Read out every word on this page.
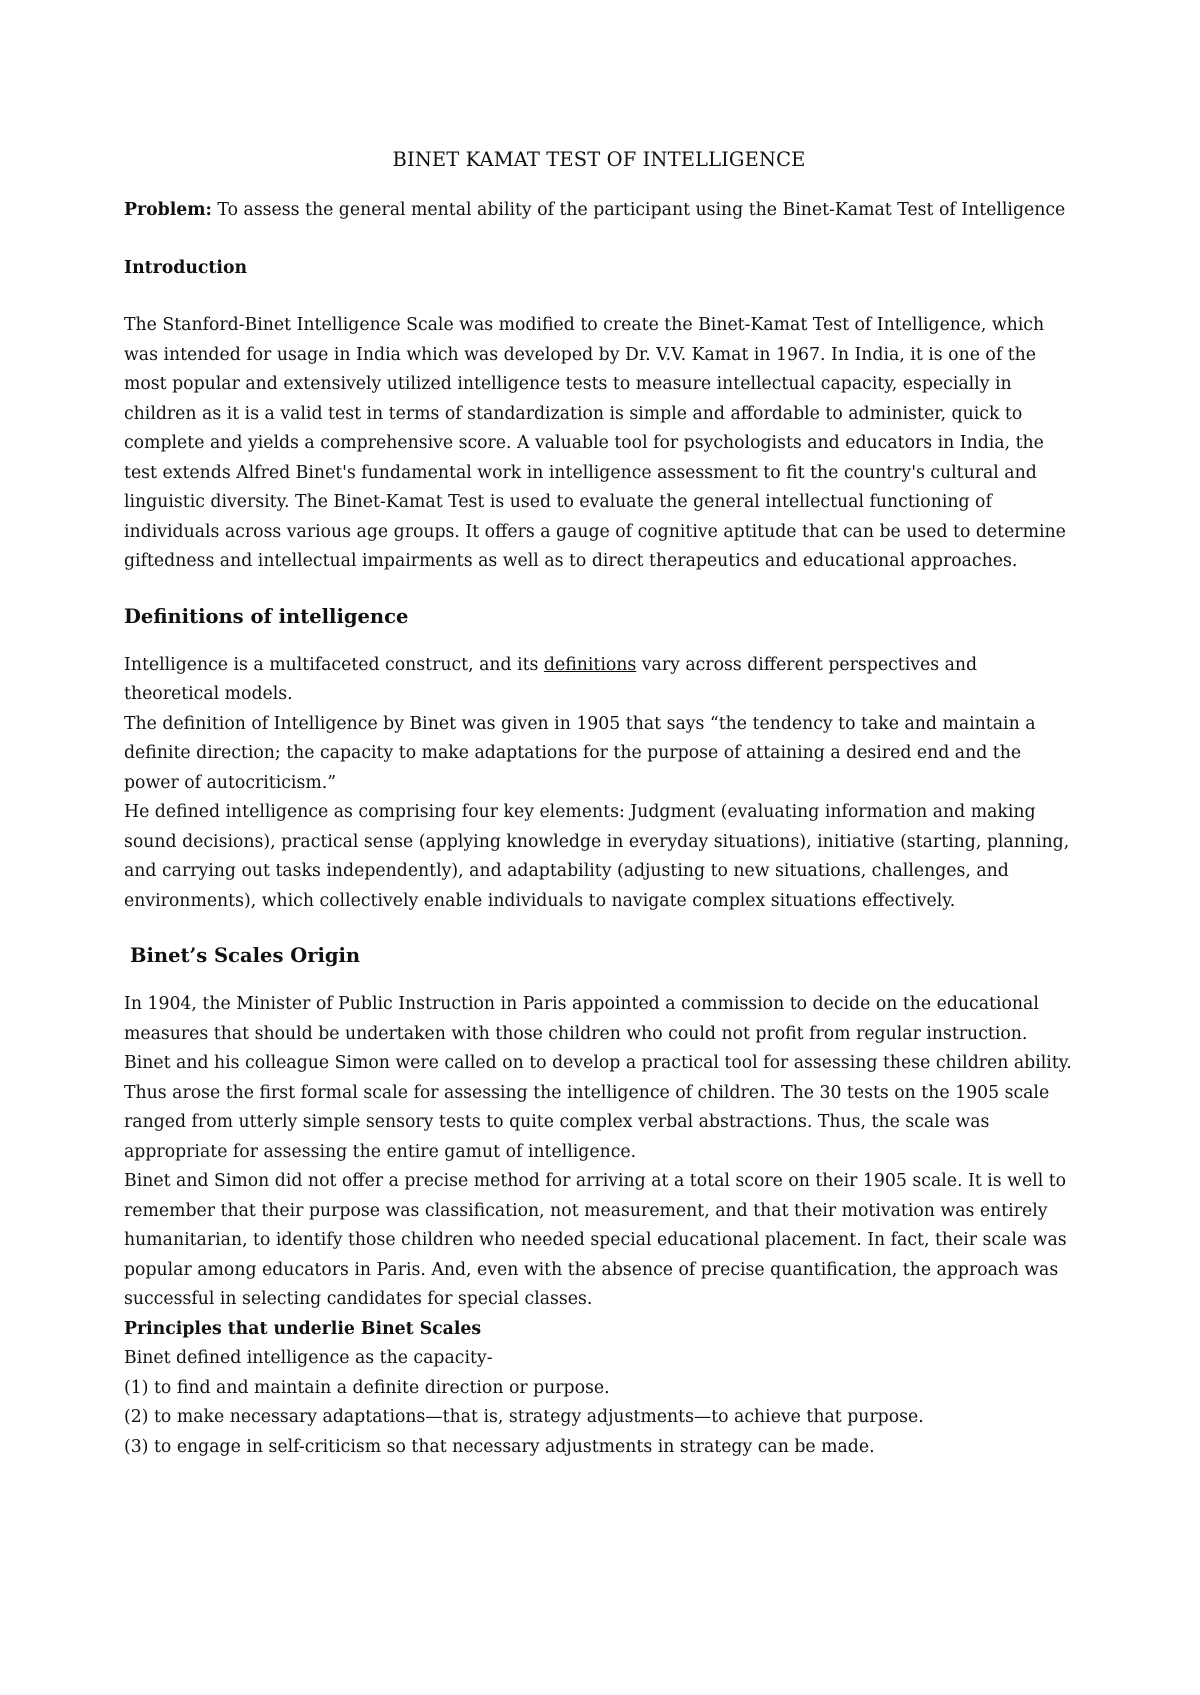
BINET KAMAT TEST OF INTELLIGENCE

Problem: To assess the general mental ability of the participant using the Binet-Kamat Test of Intelligence

Introduction

The Stanford-Binet Intelligence Scale was modified to create the Binet-Kamat Test of Intelligence, which was intended for usage in India which was developed by Dr. V.V. Kamat in 1967. In India, it is one of the most popular and extensively utilized intelligence tests to measure intellectual capacity, especially in children as it is a valid test in terms of standardization is simple and affordable to administer, quick to complete and yields a comprehensive score. A valuable tool for psychologists and educators in India, the test extends Alfred Binet's fundamental work in intelligence assessment to fit the country's cultural and linguistic diversity. The Binet-Kamat Test is used to evaluate the general intellectual functioning of individuals across various age groups. It offers a gauge of cognitive aptitude that can be used to determine giftedness and intellectual impairments as well as to direct therapeutics and educational approaches.

Definitions of intelligence

Intelligence is a multifaceted construct, and its definitions vary across different perspectives and theoretical models.

The definition of Intelligence by Binet was given in 1905 that says “the tendency to take and maintain a definite direction; the capacity to make adaptations for the purpose of attaining a desired end and the power of autocriticism.”

He defined intelligence as comprising four key elements: Judgment (evaluating information and making sound decisions), practical sense (applying knowledge in everyday situations), initiative (starting, planning, and carrying out tasks independently), and adaptability (adjusting to new situations, challenges, and environments), which collectively enable individuals to navigate complex situations effectively.

Binet’s Scales Origin

In 1904, the Minister of Public Instruction in Paris appointed a commission to decide on the educational measures that should be undertaken with those children who could not profit from regular instruction. Binet and his colleague Simon were called on to develop a practical tool for assessing these children ability. Thus arose the first formal scale for assessing the intelligence of children. The 30 tests on the 1905 scale ranged from utterly simple sensory tests to quite complex verbal abstractions. Thus, the scale was appropriate for assessing the entire gamut of intelligence.

Binet and Simon did not offer a precise method for arriving at a total score on their 1905 scale. It is well to remember that their purpose was classification, not measurement, and that their motivation was entirely humanitarian, to identify those children who needed special educational placement. In fact, their scale was popular among educators in Paris. And, even with the absence of precise quantification, the approach was successful in selecting candidates for special classes.

Principles that underlie Binet Scales

Binet defined intelligence as the capacity-

(1) to find and maintain a definite direction or purpose.

(2) to make necessary adaptations—that is, strategy adjustments—to achieve that purpose.

(3) to engage in self-criticism so that necessary adjustments in strategy can be made.
